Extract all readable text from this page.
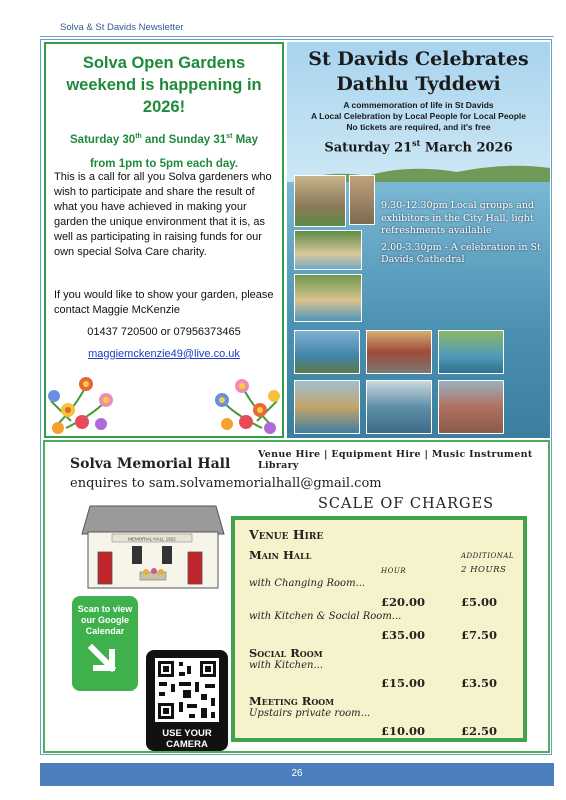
Solva & St Davids Newsletter
Solva Open Gardens weekend is happening in 2026!
Saturday 30th and Sunday 31st May
from 1pm to 5pm each day.
This is a call for all you Solva gardeners who wish to participate and share the result of what you have achieved in making your garden the unique environment that it is, as well as participating in raising funds for our own special Solva Care charity.
If you would like to show your garden, please contact Maggie McKenzie
01437 720500 or 07956373465
maggiemckenzie49@live.co.uk
St Davids Celebrates Dathlu Tyddewi
A commemoration of life in St Davids
A Local Celebration by Local People for Local People
No tickets are required, and it's free
Saturday 21st March 2026
9.30-12.30pm Local groups and exhibitors in the City Hall, light refreshments available
2.00-3.30pm - A celebration in St Davids Cathedral
Venue Hire | Equipment Hire | Music Instrument Library
Solva Memorial Hall
enquires to sam.solvamemorialhall@gmail.com
SCALE OF CHARGES
MEMORIAL HALL 1922	Venue Hire
ADDITIONAL
Main Hall
HOUR	2 HOURS
with Changing Room...
£20.00	£5.00
with Kitchen & Social Room...
£35.00	£7.50
Social Room
with Kitchen...
£15.00	£3.50
Meeting Room
Upstairs private room...
£10.00	£2.50
Scan to view our Google Calendar
USE YOUR CAMERA
26
